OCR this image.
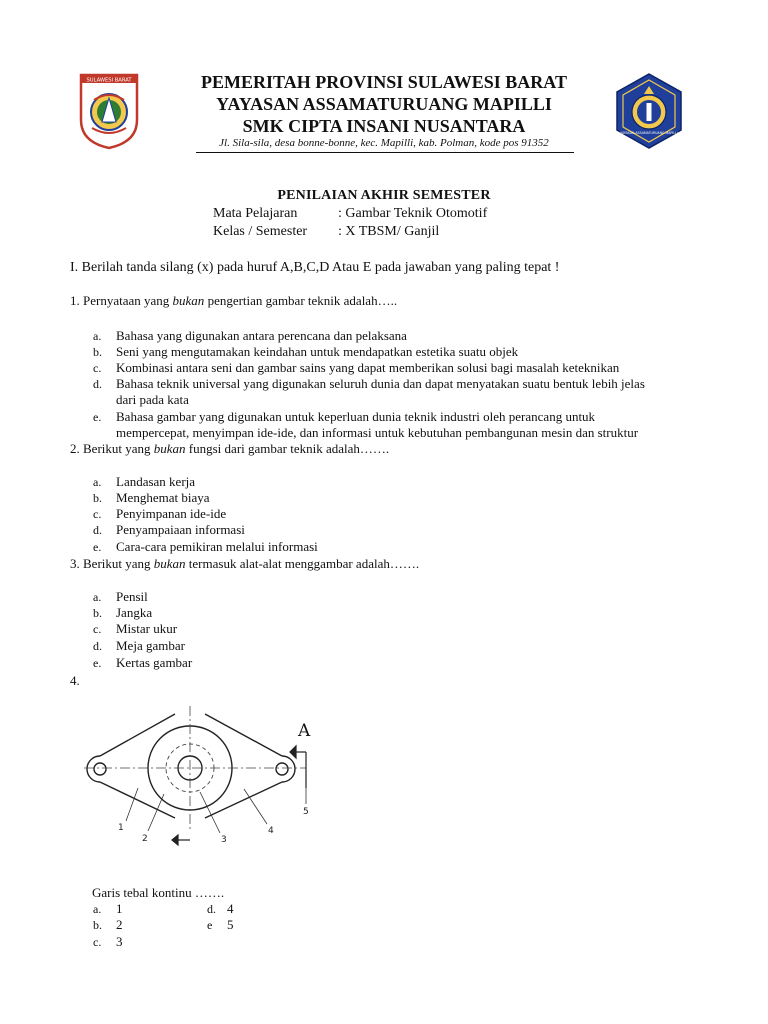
SULAWESI BARAT
YAYASAN ASSAMATURUANG MAPILLI
PEMERITAH PROVINSI SULAWESI BARAT
YAYASAN ASSAMATURUANG MAPILLI
SMK CIPTA INSANI NUSANTARA
Jl. Sila-sila, desa bonne-bonne, kec. Mapilli, kab. Polman, kode pos 91352
PENILAIAN AKHIR SEMESTER
Mata Pelajaran	: Gambar Teknik Otomotif
Kelas / Semester : X TBSM/ Ganjil
I. Berilah tanda silang (x) pada huruf A,B,C,D Atau E pada jawaban yang paling tepat !
1. Pernyataan yang bukan pengertian gambar teknik adalah…..
a.	Bahasa yang digunakan antara perencana dan pelaksana
b.	Seni yang mengutamakan keindahan untuk mendapatkan estetika suatu objek
c.	Kombinasi antara seni dan gambar sains yang dapat memberikan solusi bagi masalah keteknikan
d.	Bahasa teknik universal yang digunakan seluruh dunia dan dapat menyatakan suatu bentuk lebih jelas
dari pada kata
e.	Bahasa gambar yang digunakan untuk keperluan dunia teknik industri oleh perancang untuk
mempercepat, menyimpan ide-ide, dan informasi untuk kebutuhan pembangunan mesin dan struktur
2. Berikut yang bukan fungsi dari gambar teknik adalah…….
a.	Landasan kerja
b.	Menghemat biaya
c.	Penyimpanan ide-ide
d.	Penyampaiaan informasi
e.	Cara-cara pemikiran melalui informasi
3. Berikut yang bukan termasuk alat-alat menggambar adalah…….
a.	Pensil
b.	Jangka
c.	Mistar ukur
d.	Meja gambar
e.	Kertas gambar
4.
A
1
2	3
4
5
Garis tebal kontinu …….
a. 1
b. 2
c. 3
d. 4
e 5
